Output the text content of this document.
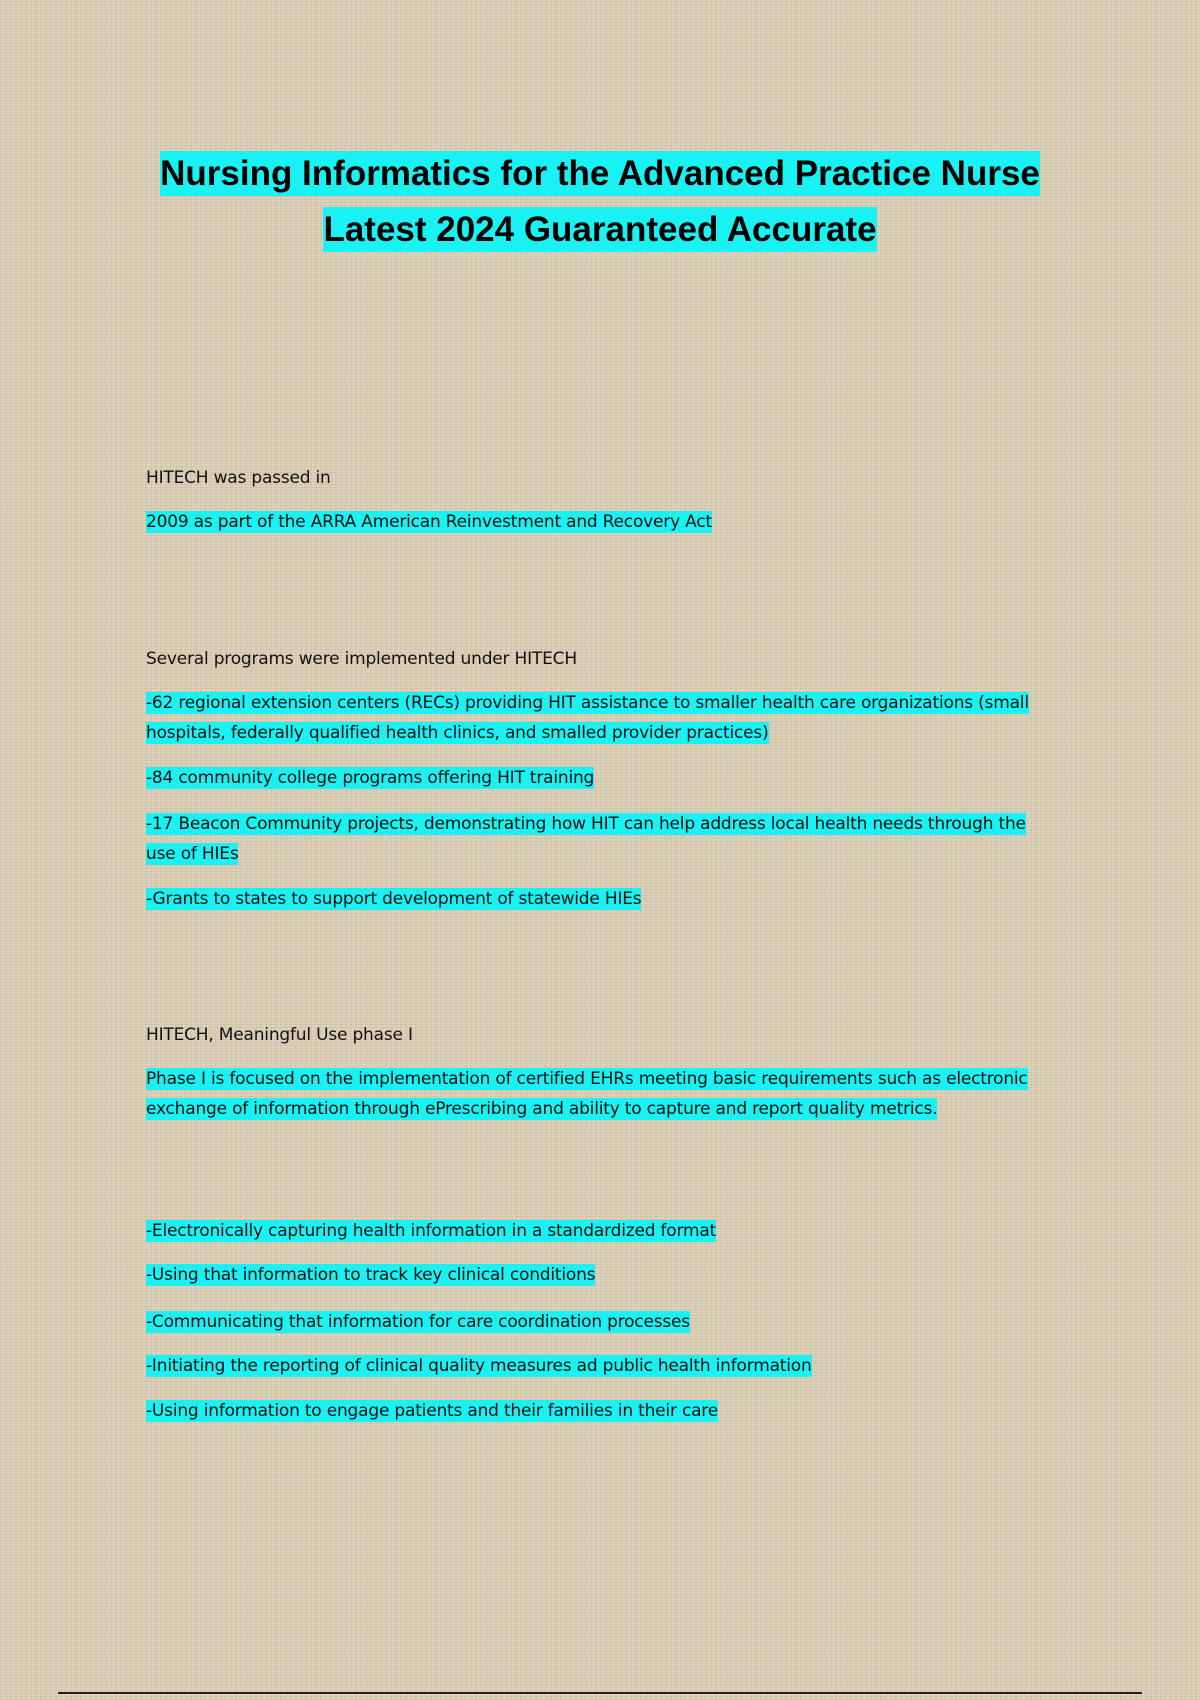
Nursing Informatics for the Advanced Practice Nurse Latest 2024 Guaranteed Accurate

HITECH was passed in

2009 as part of the ARRA American Reinvestment and Recovery Act

Several programs were implemented under HITECH

-62 regional extension centers (RECs) providing HIT assistance to smaller health care organizations (small hospitals, federally qualified health clinics, and smalled provider practices)

-84 community college programs offering HIT training

-17 Beacon Community projects, demonstrating how HIT can help address local health needs through the use of HIEs

-Grants to states to support development of statewide HIEs

HITECH, Meaningful Use phase I

Phase I is focused on the implementation of certified EHRs meeting basic requirements such as electronic exchange of information through ePrescribing and ability to capture and report quality metrics.

-Electronically capturing health information in a standardized format

-Using that information to track key clinical conditions

-Communicating that information for care coordination processes

-Initiating the reporting of clinical quality measures ad public health information

-Using information to engage patients and their families in their care
